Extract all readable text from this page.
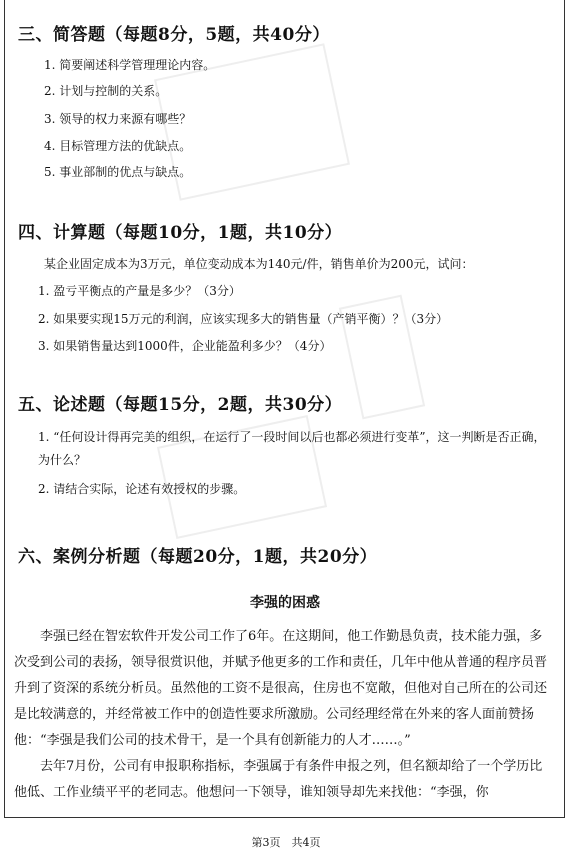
三、简答题（每题8分，5题，共40分）
1. 简要阐述科学管理理论内容。
2. 计划与控制的关系。
3. 领导的权力来源有哪些？
4. 目标管理方法的优缺点。
5. 事业部制的优点与缺点。
四、计算题（每题10分，1题，共10分）
某企业固定成本为3万元，单位变动成本为140元/件，销售单价为200元，试问：
1. 盈亏平衡点的产量是多少？（3分）
2. 如果要实现15万元的利润，应该实现多大的销售量（产销平衡）？（3分）
3. 如果销售量达到1000件，企业能盈利多少？（4分）
五、论述题（每题15分，2题，共30分）
1. “任何设计得再完美的组织，在运行了一段时间以后也都必须进行变革”，这一判断是否正确，为什么？
2. 请结合实际，论述有效授权的步骤。
六、案例分析题（每题20分，1题，共20分）
李强的困惑
李强已经在智宏软件开发公司工作了6年。在这期间，他工作勤恳负责，技术能力强，多次受到公司的表扬，领导很赏识他，并赋予他更多的工作和责任，几年中他从普通的程序员晋升到了资深的系统分析员。虽然他的工资不是很高，住房也不宽敞，但他对自己所在的公司还是比较满意的，并经常被工作中的创造性要求所激励。公司经理经常在外来的客人面前赞扬他：“李强是我们公司的技术骨干，是一个具有创新能力的人才……。”
去年7月份，公司有申报职称指标，李强属于有条件申报之列，但名额却给了一个学历比他低、工作业绩平平的老同志。他想问一下领导，谁知领导却先来找他：“李强，你
第3页　共4页
